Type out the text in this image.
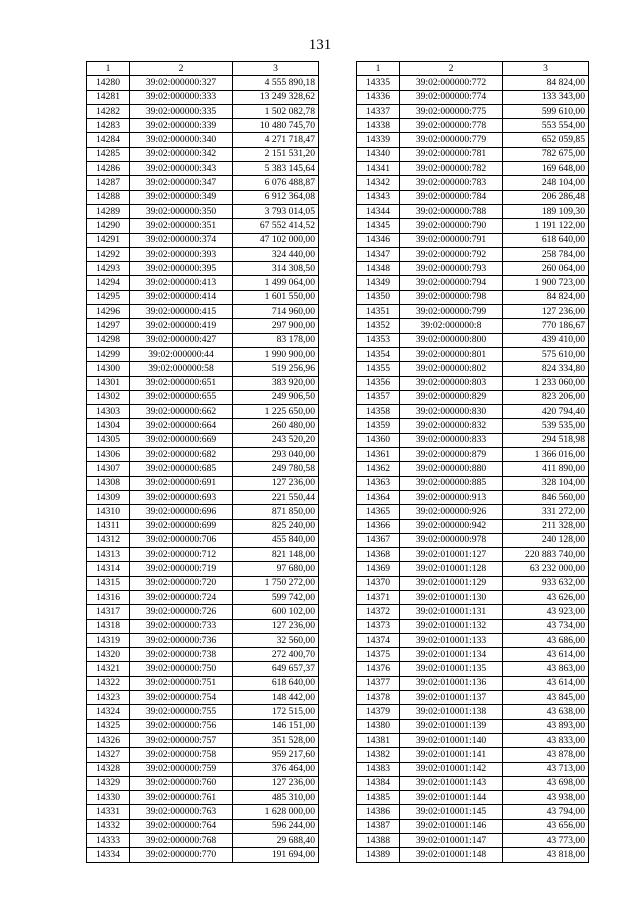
131
1	2	3
14280	39:02:000000:327	4 555 890,18
14281	39:02:000000:333	13 249 328,62
14282	39:02:000000:335	1 502 082,78
14283	39:02:000000:339	10 480 745,70
14284	39:02:000000:340	4 271 718,47
14285	39:02:000000:342	2 151 531,20
14286	39:02:000000:343	5 383 145,64
14287	39:02:000000:347	6 076 488,87
14288	39:02:000000:349	6 912 364,08
14289	39:02:000000:350	3 793 014,05
14290	39:02:000000:351	67 552 414,52
14291	39:02:000000:374	47 102 000,00
14292	39:02:000000:393	324 440,00
14293	39:02:000000:395	314 308,50
14294	39:02:000000:413	1 499 064,00
14295	39:02:000000:414	1 601 550,00
14296	39:02:000000:415	714 960,00
14297	39:02:000000:419	297 900,00
14298	39:02:000000:427	83 178,00
14299	39:02:000000:44	1 990 900,00
14300	39:02:000000:58	519 256,96
14301	39:02:000000:651	383 920,00
14302	39:02:000000:655	249 906,50
14303	39:02:000000:662	1 225 650,00
14304	39:02:000000:664	260 480,00
14305	39:02:000000:669	243 520,20
14306	39:02:000000:682	293 040,00
14307	39:02:000000:685	249 780,58
14308	39:02:000000:691	127 236,00
14309	39:02:000000:693	221 550,44
14310	39:02:000000:696	871 850,00
14311	39:02:000000:699	825 240,00
14312	39:02:000000:706	455 840,00
14313	39:02:000000:712	821 148,00
14314	39:02:000000:719	97 680,00
14315	39:02:000000:720	1 750 272,00
14316	39:02:000000:724	599 742,00
14317	39:02:000000:726	600 102,00
14318	39:02:000000:733	127 236,00
14319	39:02:000000:736	32 560,00
14320	39:02:000000:738	272 400,70
14321	39:02:000000:750	649 657,37
14322	39:02:000000:751	618 640,00
14323	39:02:000000:754	148 442,00
14324	39:02:000000:755	172 515,00
14325	39:02:000000:756	146 151,00
14326	39:02:000000:757	351 528,00
14327	39:02:000000:758	959 217,60
14328	39:02:000000:759	376 464,00
14329	39:02:000000:760	127 236,00
14330	39:02:000000:761	485 310,00
14331	39:02:000000:763	1 628 000,00
14332	39:02:000000:764	596 244,00
14333	39:02:000000:768	29 688,40
14334	39:02:000000:770	191 694,00
1	2	3
14335	39:02:000000:772	84 824,00
14336	39:02:000000:774	133 343,00
14337	39:02:000000:775	599 610,00
14338	39:02:000000:778	553 554,00
14339	39:02:000000:779	652 059,85
14340	39:02:000000:781	782 675,00
14341	39:02:000000:782	169 648,00
14342	39:02:000000:783	248 104,00
14343	39:02:000000:784	206 286,48
14344	39:02:000000:788	189 109,30
14345	39:02:000000:790	1 191 122,00
14346	39:02:000000:791	618 640,00
14347	39:02:000000:792	258 784,00
14348	39:02:000000:793	260 064,00
14349	39:02:000000:794	1 900 723,00
14350	39:02:000000:798	84 824,00
14351	39:02:000000:799	127 236,00
14352	39:02:000000:8	770 186,67
14353	39:02:000000:800	439 410,00
14354	39:02:000000:801	575 610,00
14355	39:02:000000:802	824 334,80
14356	39:02:000000:803	1 233 060,00
14357	39:02:000000:829	823 206,00
14358	39:02:000000:830	420 794,40
14359	39:02:000000:832	539 535,00
14360	39:02:000000:833	294 518,98
14361	39:02:000000:879	1 366 016,00
14362	39:02:000000:880	411 890,00
14363	39:02:000000:885	328 104,00
14364	39:02:000000:913	846 560,00
14365	39:02:000000:926	331 272,00
14366	39:02:000000:942	211 328,00
14367	39:02:000000:978	240 128,00
14368	39:02:010001:127	220 883 740,00
14369	39:02:010001:128	63 232 000,00
14370	39:02:010001:129	933 632,00
14371	39:02:010001:130	43 626,00
14372	39:02:010001:131	43 923,00
14373	39:02:010001:132	43 734,00
14374	39:02:010001:133	43 686,00
14375	39:02:010001:134	43 614,00
14376	39:02:010001:135	43 863,00
14377	39:02:010001:136	43 614,00
14378	39:02:010001:137	43 845,00
14379	39:02:010001:138	43 638,00
14380	39:02:010001:139	43 893,00
14381	39:02:010001:140	43 833,00
14382	39:02:010001:141	43 878,00
14383	39:02:010001:142	43 713,00
14384	39:02:010001:143	43 698,00
14385	39:02:010001:144	43 938,00
14386	39:02:010001:145	43 794,00
14387	39:02:010001:146	43 656,00
14388	39:02:010001:147	43 773,00
14389	39:02:010001:148	43 818,00
